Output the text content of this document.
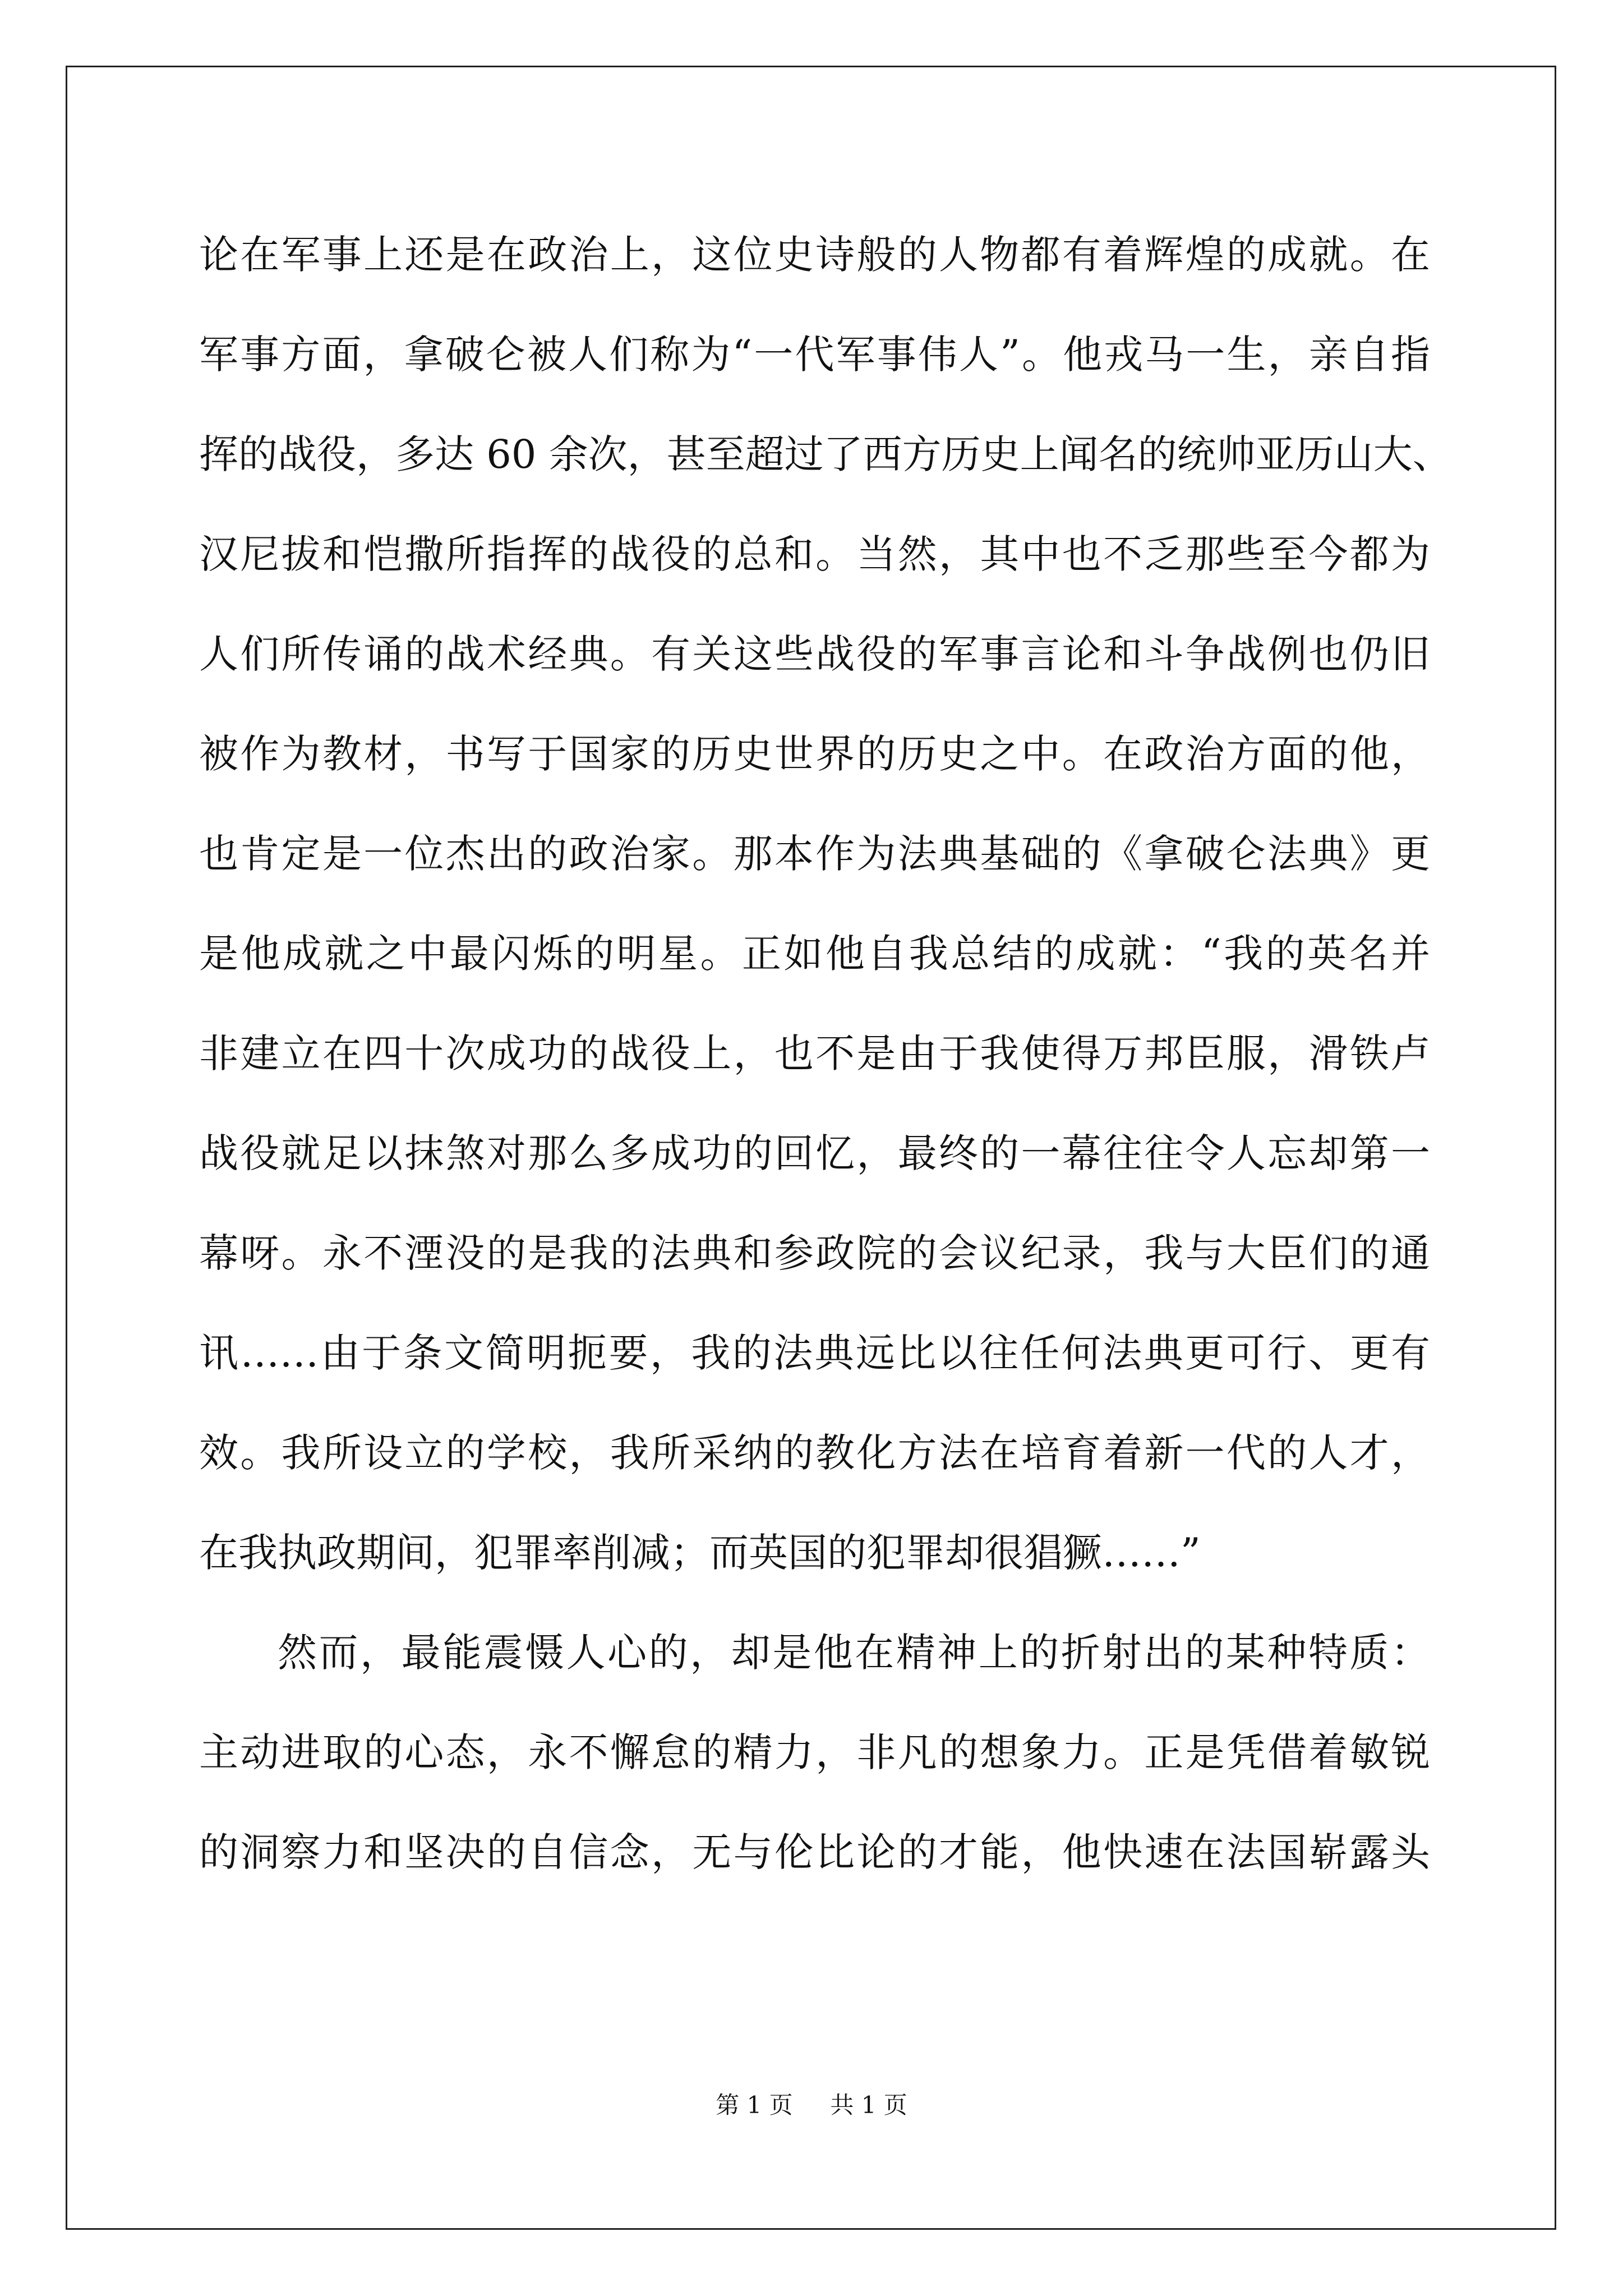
论在军事上还是在政治上，这位史诗般的人物都有着辉煌的成就。在
军事方面，拿破仑被人们称为“一代军事伟人”。他戎马一生，亲自指
挥的战役，多达 60 余次，甚至超过了西方历史上闻名的统帅亚历山大、
汉尼拔和恺撒所指挥的战役的总和。当然，其中也不乏那些至今都为
人们所传诵的战术经典。有关这些战役的军事言论和斗争战例也仍旧
被作为教材，书写于国家的历史世界的历史之中。在政治方面的他，
也肯定是一位杰出的政治家。那本作为法典基础的《拿破仑法典》更
是他成就之中最闪烁的明星。正如他自我总结的成就：“我的英名并
非建立在四十次成功的战役上，也不是由于我使得万邦臣服，滑铁卢
战役就足以抹煞对那么多成功的回忆，最终的一幕往往令人忘却第一
幕呀。永不湮没的是我的法典和参政院的会议纪录，我与大臣们的通
讯……由于条文简明扼要，我的法典远比以往任何法典更可行、更有
效。我所设立的学校，我所采纳的教化方法在培育着新一代的人才，
在我执政期间，犯罪率削减；而英国的犯罪却很猖獗……”
然而，最能震慑人心的，却是他在精神上的折射出的某种特质：
主动进取的心态，永不懈怠的精力，非凡的想象力。正是凭借着敏锐
的洞察力和坚决的自信念，无与伦比论的才能，他快速在法国崭露头
第 1 页 共 1 页
